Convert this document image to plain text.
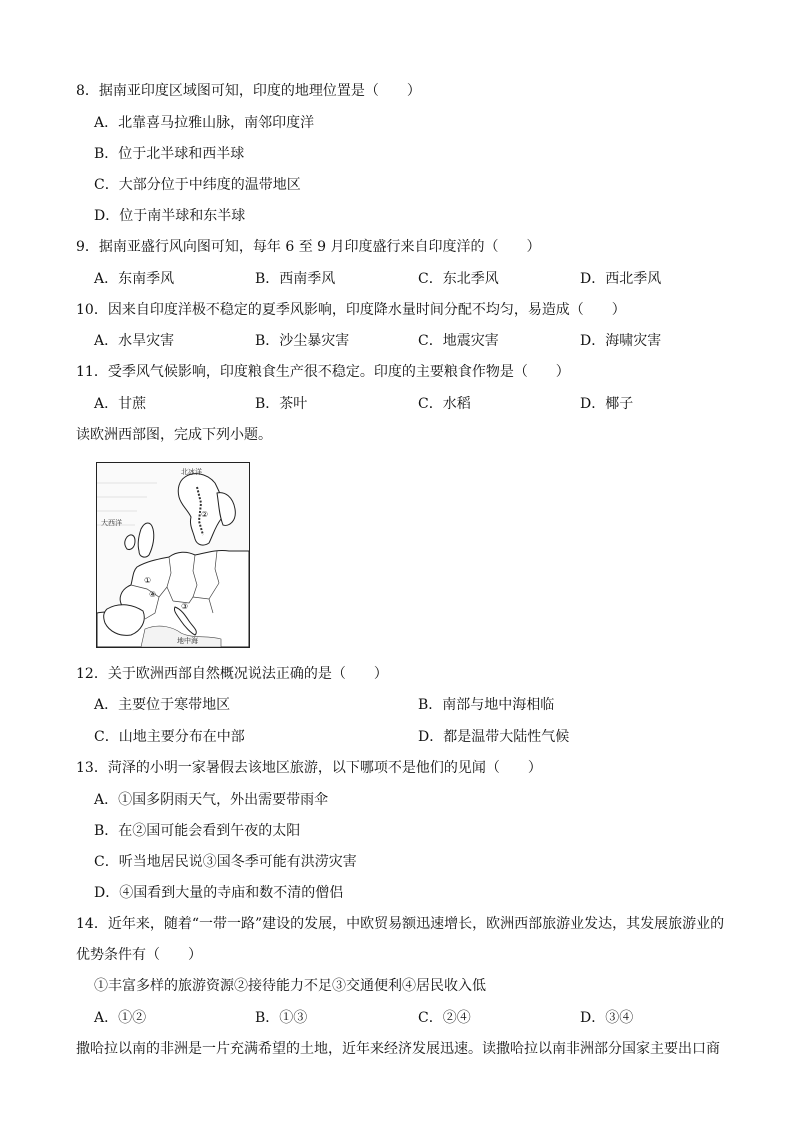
8．据南亚印度区域图可知，印度的地理位置是（　　）
A．北靠喜马拉雅山脉，南邻印度洋
B．位于北半球和西半球
C．大部分位于中纬度的温带地区
D．位于南半球和东半球
9．据南亚盛行风向图可知，每年 6 至 9 月印度盛行来自印度洋的（　　）
A．东南季风	B．西南季风	C．东北季风	D．西北季风
10．因来自印度洋极不稳定的夏季风影响，印度降水量时间分配不均匀，易造成（　　）
A．水旱灾害	B．沙尘暴灾害	C．地震灾害	D．海啸灾害
11．受季风气候影响，印度粮食生产很不稳定。印度的主要粮食作物是（　　）
A．甘蔗	B．茶叶	C．水稻	D．椰子
读欧洲西部图，完成下列小题。
北冰洋
大西洋
地中海
①
②
③
④
12．关于欧洲西部自然概况说法正确的是（　　）
A．主要位于寒带地区	B．南部与地中海相临
C．山地主要分布在中部	D．都是温带大陆性气候
13．菏泽的小明一家暑假去该地区旅游，以下哪项不是他们的见闻（　　）
A．①国多阴雨天气，外出需要带雨伞
B．在②国可能会看到午夜的太阳
C．听当地居民说③国冬季可能有洪涝灾害
D．④国看到大量的寺庙和数不清的僧侣
14．近年来，随着“一带一路”建设的发展，中欧贸易额迅速增长，欧洲西部旅游业发达，其发展旅游业的
优势条件有（　　）
①丰富多样的旅游资源②接待能力不足③交通便利④居民收入低
A．①②	B．①③	C．②④	D．③④
撒哈拉以南的非洲是一片充满希望的土地，近年来经济发展迅速。读撒哈拉以南非洲部分国家主要出口商
